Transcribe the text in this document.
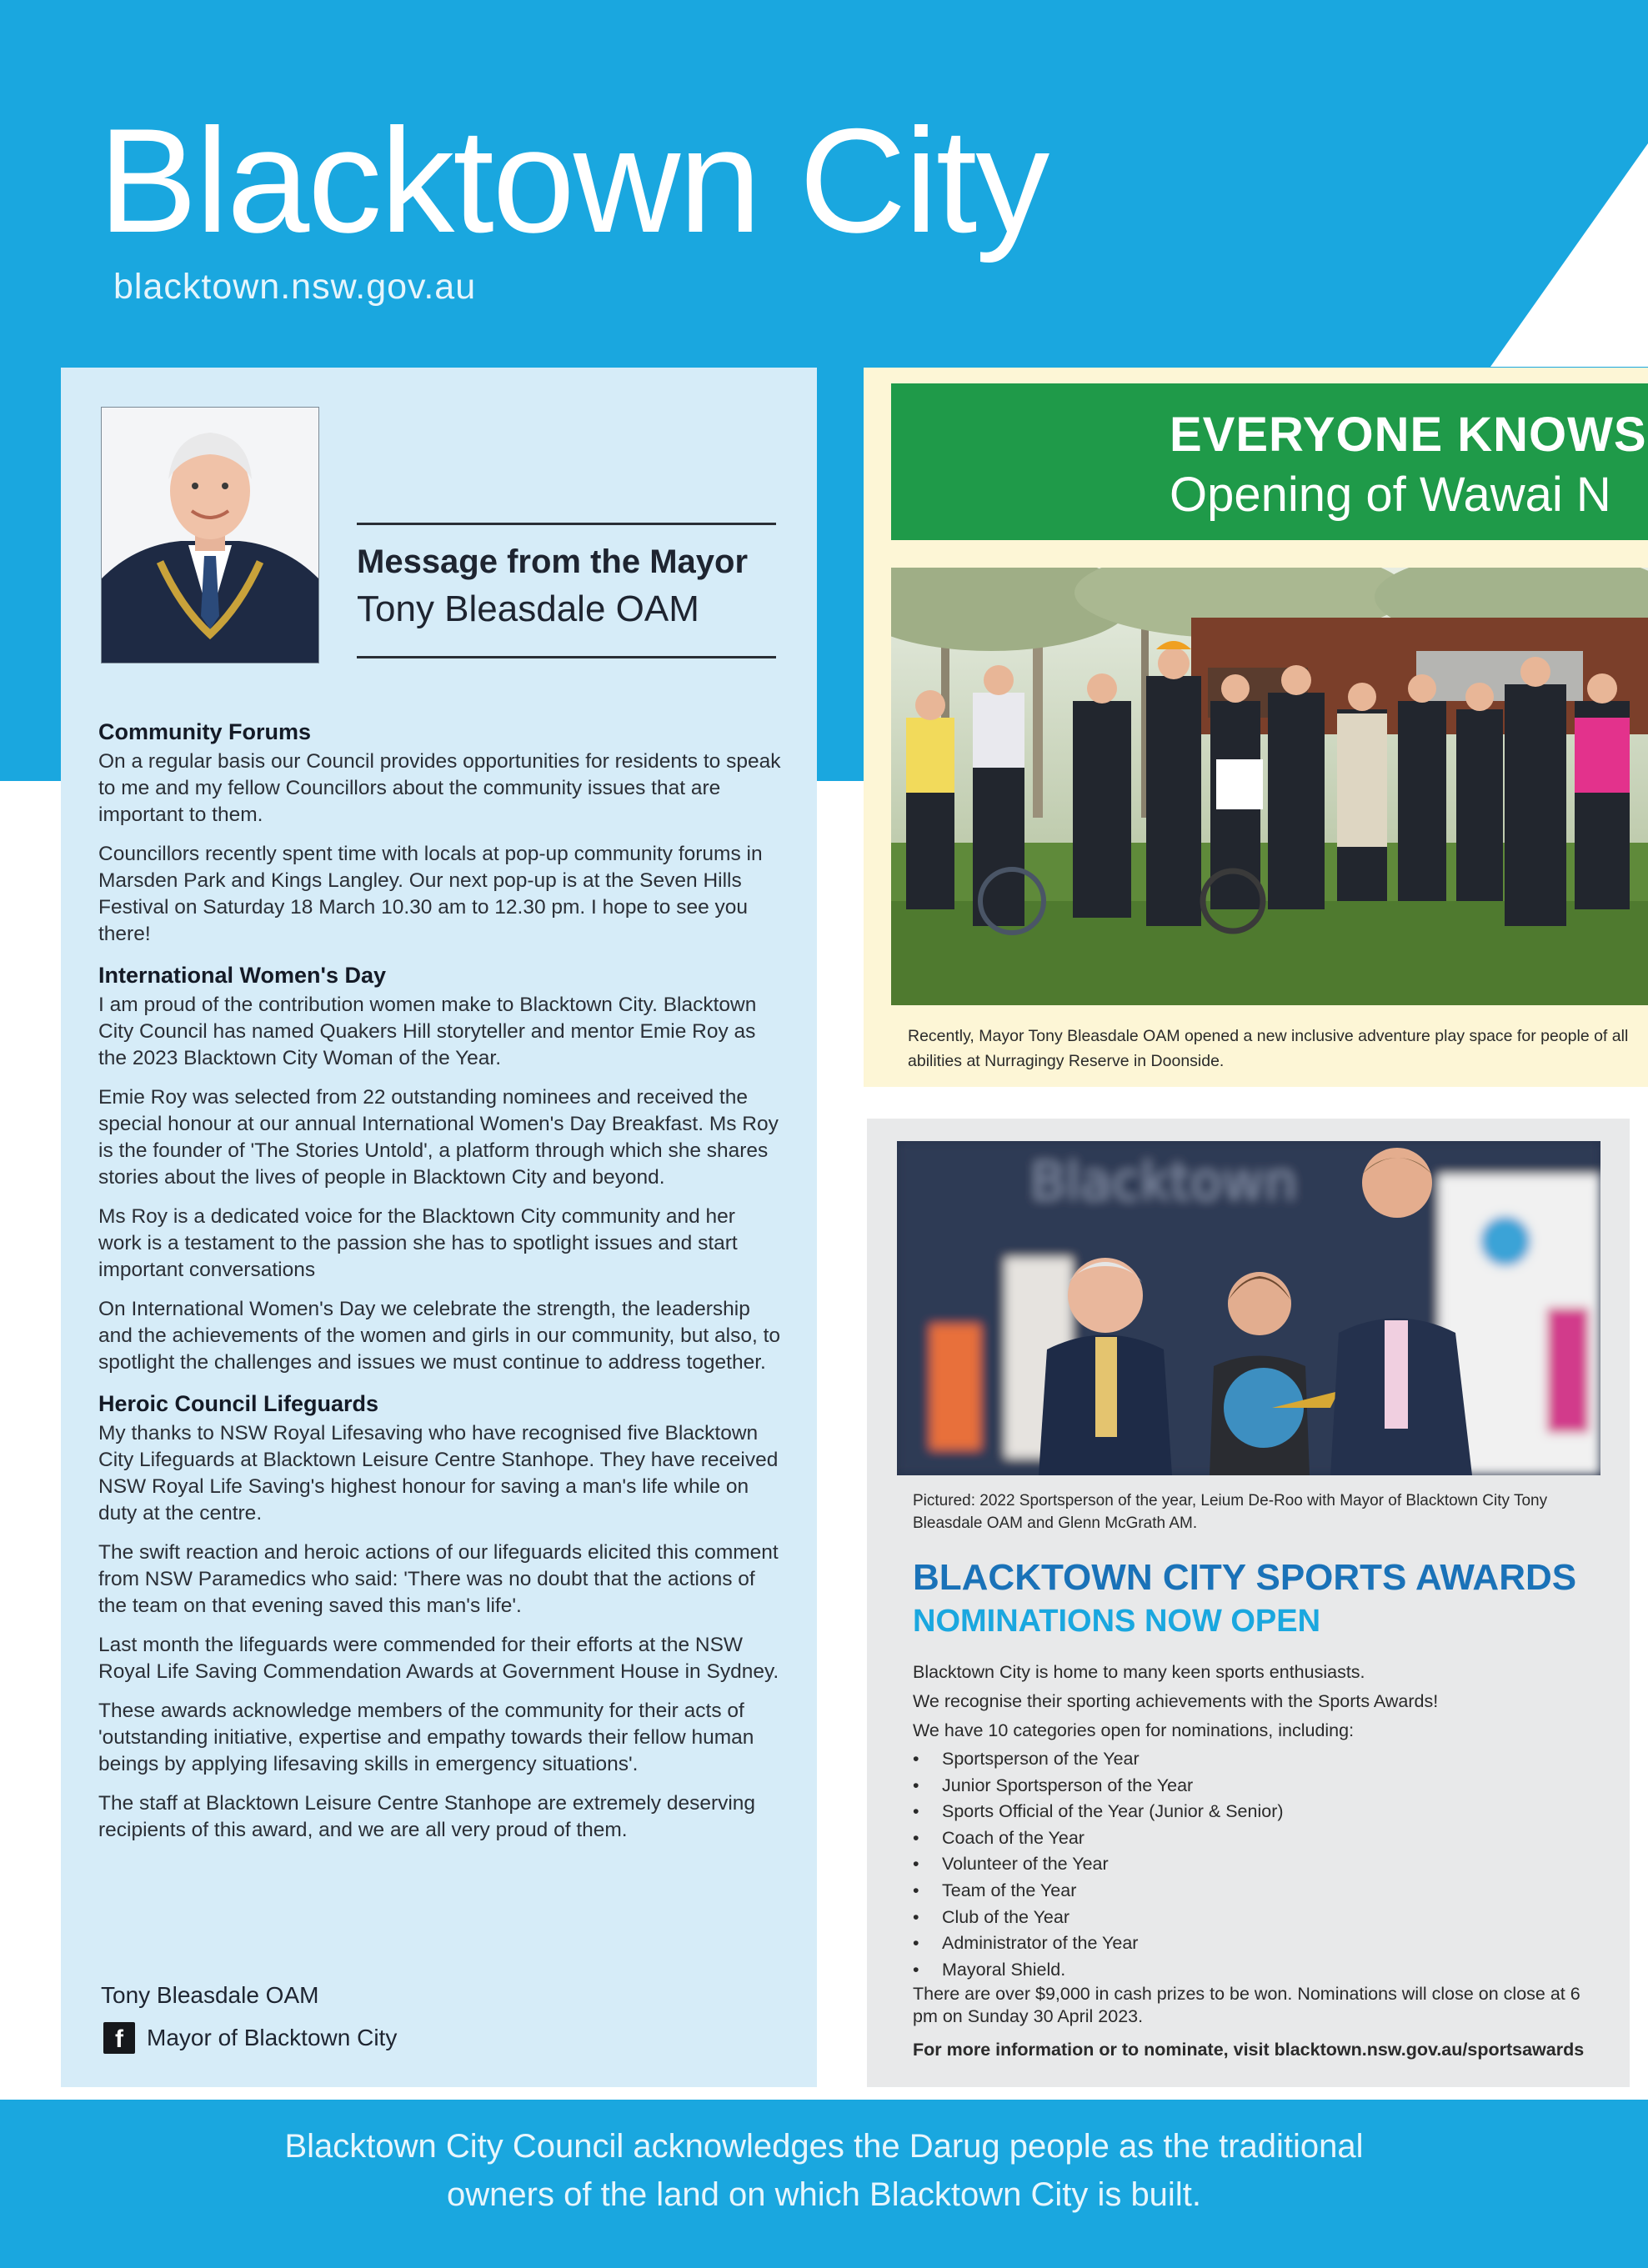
Blacktown City
blacktown.nsw.gov.au
Message from the Mayor
Tony Bleasdale OAM
Community Forums

On a regular basis our Council provides opportunities for residents to speak to me and my fellow Councillors about the community issues that are important to them.

Councillors recently spent time with locals at pop-up community forums in Marsden Park and Kings Langley. Our next pop-up is at the Seven Hills Festival on Saturday 18 March 10.30 am to 12.30 pm. I hope to see you there!

International Women's Day

I am proud of the contribution women make to Blacktown City. Blacktown City Council has named Quakers Hill storyteller and mentor Emie Roy as the 2023 Blacktown City Woman of the Year.

Emie Roy was selected from 22 outstanding nominees and received the special honour at our annual International Women's Day Breakfast. Ms Roy is the founder of 'The Stories Untold', a platform through which she shares stories about the lives of people in Blacktown City and beyond.

Ms Roy is a dedicated voice for the Blacktown City community and her work is a testament to the passion she has to spotlight issues and start important conversations

On International Women's Day we celebrate the strength, the leadership and the achievements of the women and girls in our community, but also, to spotlight the challenges and issues we must continue to address together.

Heroic Council Lifeguards

My thanks to NSW Royal Lifesaving who have recognised five Blacktown City Lifeguards at Blacktown Leisure Centre Stanhope. They have received NSW Royal Life Saving's highest honour for saving a man's life while on duty at the centre.

The swift reaction and heroic actions of our lifeguards elicited this comment from NSW Paramedics who said: 'There was no doubt that the actions of the team on that evening saved this man's life'.

Last month the lifeguards were commended for their efforts at the NSW Royal Life Saving Commendation Awards at Government House in Sydney.

These awards acknowledge members of the community for their acts of 'outstanding initiative, expertise and empathy towards their fellow human beings by applying lifesaving skills in emergency situations'.

The staff at Blacktown Leisure Centre Stanhope are extremely deserving recipients of this award, and we are all very proud of them.

Tony Bleasdale OAM
f	Mayor of Blacktown City
EVERYONE KNOWS
Opening of Wawai N
Recently, Mayor Tony Bleasdale OAM opened a new inclusive adventure play space for people of all abilities at Nurragingy Reserve in Doonside.
Blacktown
Pictured: 2022 Sportsperson of the year, Leium De-Roo with Mayor of Blacktown City Tony Bleasdale OAM and Glenn McGrath AM.
BLACKTOWN CITY SPORTS AWARDS
NOMINATIONS NOW OPEN

Blacktown City is home to many keen sports enthusiasts.

We recognise their sporting achievements with the Sports Awards!

We have 10 categories open for nominations, including:

• Sportsperson of the Year
• Junior Sportsperson of the Year
• Sports Official of the Year (Junior & Senior)
• Coach of the Year
• Volunteer of the Year
• Team of the Year
• Club of the Year
• Administrator of the Year
• Mayoral Shield.

There are over $9,000 in cash prizes to be won. Nominations will close on close at 6 pm on Sunday 30 April 2023.

For more information or to nominate, visit blacktown.nsw.gov.au/sportsawards

Blacktown City Council acknowledges the Darug people as the traditional
owners of the land on which Blacktown City is built.
